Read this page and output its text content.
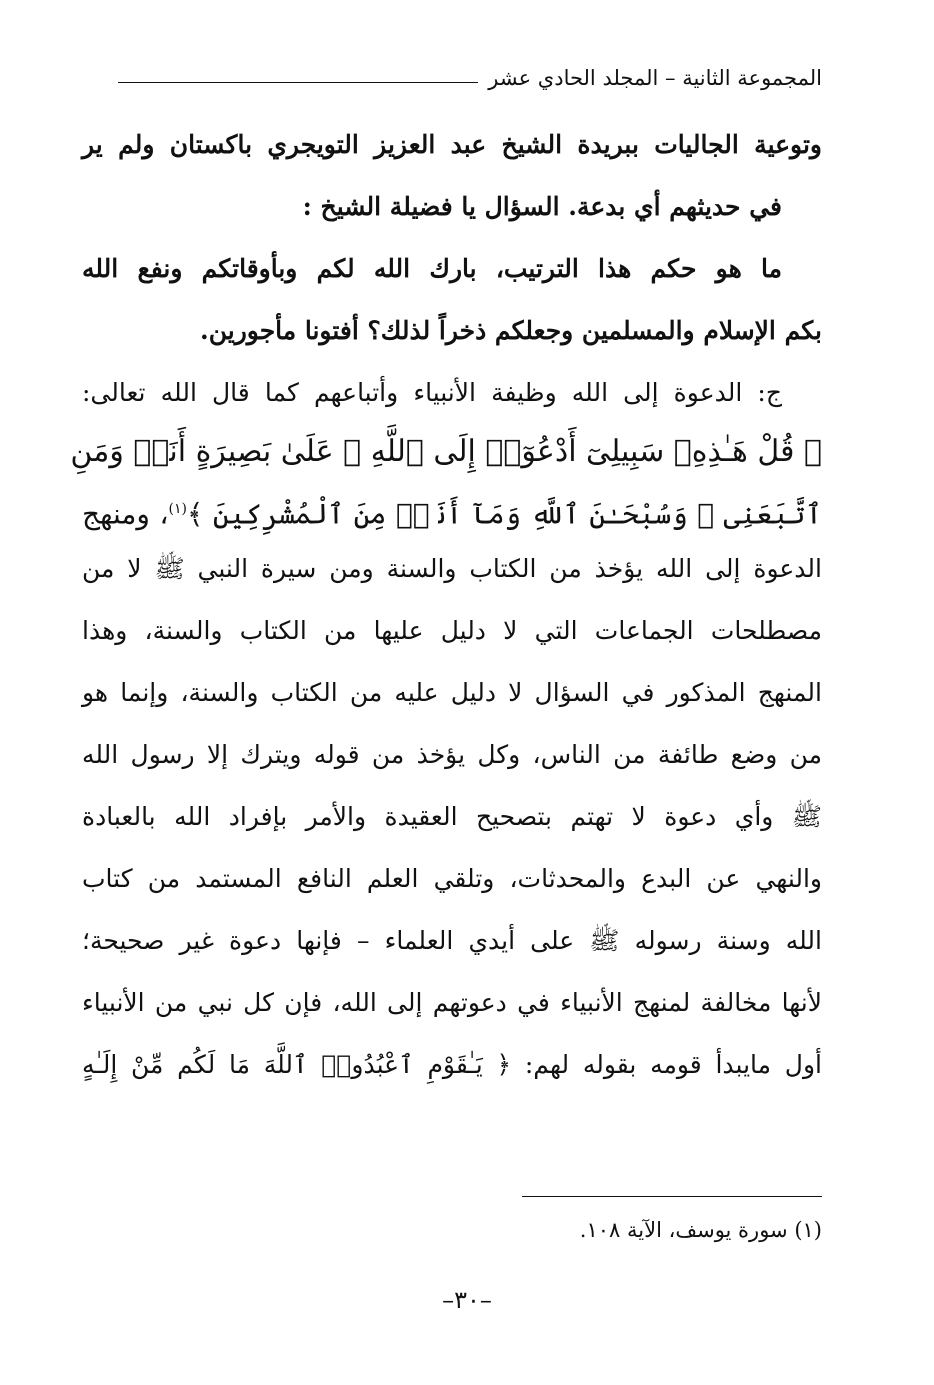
المجموعة الثانية – المجلد الحادي عشر
وتوعية الجاليات ببريدة الشيخ عبد العزيز التويجري باكستان ولم ير
في حديثهم أي بدعة. السؤال يا فضيلة الشيخ :
ما هو حكم هذا الترتيب، بارك الله لكم وبأوقاتكم ونفع الله
بكم الإسلام والمسلمين وجعلكم ذخراً لذلك؟ أفتونا مأجورين.
ج: الدعوة إلى الله وظيفة الأنبياء وأتباعهم كما قال الله تعالى:
﴿ قُلْ هَـٰذِهِۦ سَبِيلِىٓ أَدْعُوٓا۟ إِلَى ٱللَّهِ ۚ عَلَىٰ بَصِيرَةٍ أَنَا۠ وَمَنِ
ٱتَّبَعَنِى ۖ وَسُبْحَـٰنَ ٱللَّهِ وَمَآ أَنَا۠ مِنَ ٱلْمُشْرِكِينَ ﴾$^{(١)}$، ومنهج
الدعوة إلى الله يؤخذ من الكتاب والسنة ومن سيرة النبي ﷺ لا من
مصطلحات الجماعات التي لا دليل عليها من الكتاب والسنة، وهذا
المنهج المذكور في السؤال لا دليل عليه من الكتاب والسنة، وإنما هو
من وضع طائفة من الناس، وكل يؤخذ من قوله ويترك إلا رسول الله
ﷺ وأي دعوة لا تهتم بتصحيح العقيدة والأمر بإفراد الله بالعبادة
والنهي عن البدع والمحدثات، وتلقي العلم النافع المستمد من كتاب
الله وسنة رسوله ﷺ على أيدي العلماء – فإنها دعوة غير صحيحة؛
لأنها مخالفة لمنهج الأنبياء في دعوتهم إلى الله، فإن كل نبي من الأنبياء
أول مايبدأ قومه بقوله لهم: ﴿ يَـٰقَوْمِ ٱعْبُدُوا۟ ٱللَّهَ مَا لَكُم مِّنْ إِلَـٰهٍ
(١) سورة يوسف، الآية ١٠٨.
–٣٠–
